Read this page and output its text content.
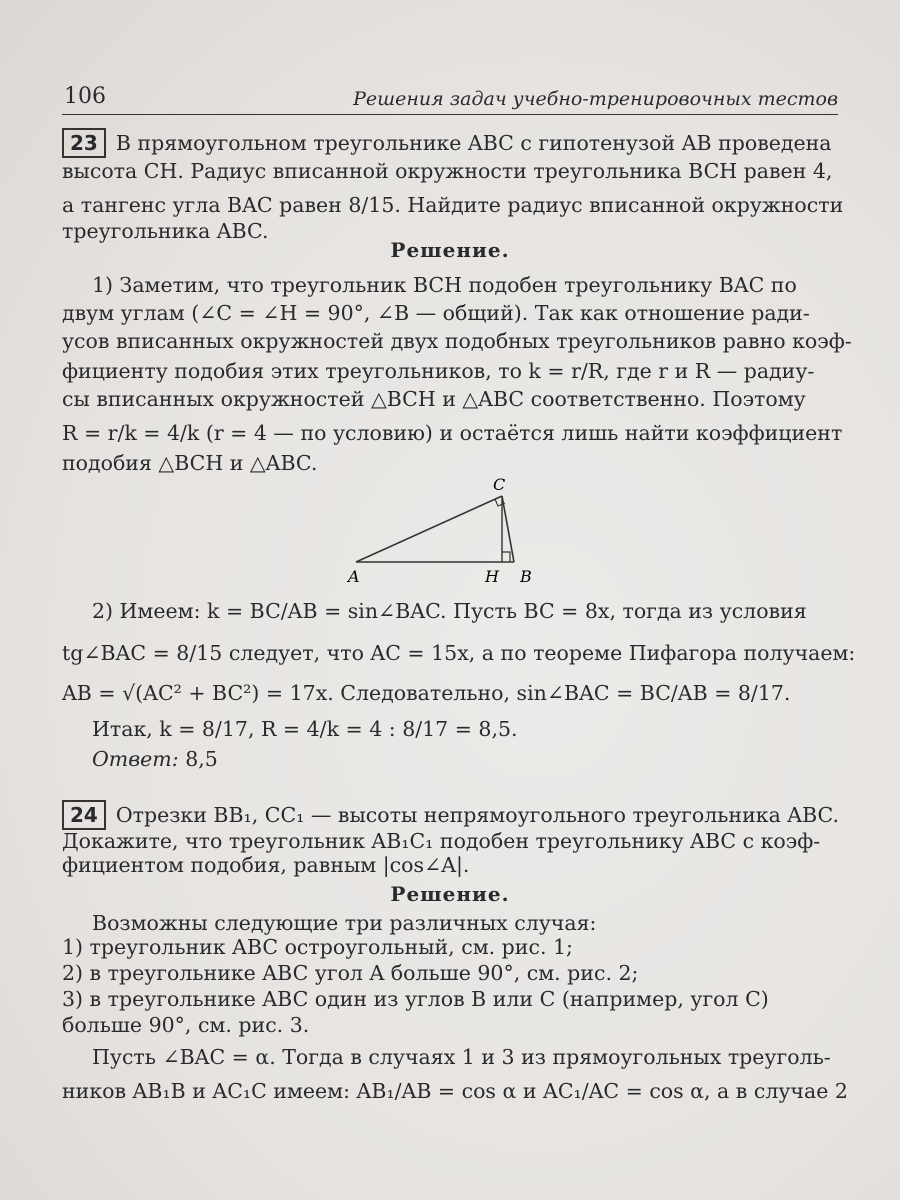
106	Решения задач учебно-тренировочных тестов
23 В прямоугольном треугольнике ABC с гипотенузой AB проведена
высота CH. Радиус вписанной окружности треугольника BCH равен 4,
а тангенс угла BAC равен 8/15. Найдите радиус вписанной окружности
треугольника ABC.
Решение.
1) Заметим, что треугольник BCH подобен треугольнику BAC по
двум углам (∠C = ∠H = 90°, ∠B — общий). Так как отношение ради-
усов вписанных окружностей двух подобных треугольников равно коэф-
фициенту подобия этих треугольников, то k = r/R, где r и R — радиу-
сы вписанных окружностей △BCH и △ABC соответственно. Поэтому
R = r/k = 4/k (r = 4 — по условию) и остаётся лишь найти коэффициент
подобия △BCH и △ABC.
A
C
H B
2) Имеем: k = BC/AB = sin∠BAC. Пусть BC = 8x, тогда из условия
tg∠BAC = 8/15 следует, что AC = 15x, а по теореме Пифагора получаем:
AB = √(AC² + BC²) = 17x. Следовательно, sin∠BAC = BC/AB = 8/17.
Итак, k = 8/17, R = 4/k = 4 : 8/17 = 8,5.
Ответ: 8,5
24 Отрезки BB₁, CC₁ — высоты непрямоугольного треугольника ABC.
Докажите, что треугольник AB₁C₁ подобен треугольнику ABC с коэф-
фициентом подобия, равным |cos∠A|.
Решение.
Возможны следующие три различных случая:
1) треугольник ABC остроугольный, см. рис. 1;
2) в треугольнике ABC угол A больше 90°, см. рис. 2;
3) в треугольнике ABC один из углов B или C (например, угол C)
больше 90°, см. рис. 3.
Пусть ∠BAC = α. Тогда в случаях 1 и 3 из прямоугольных треуголь-
ников AB₁B и AC₁C имеем: AB₁/AB = cos α и AC₁/AC = cos α, а в случае 2
